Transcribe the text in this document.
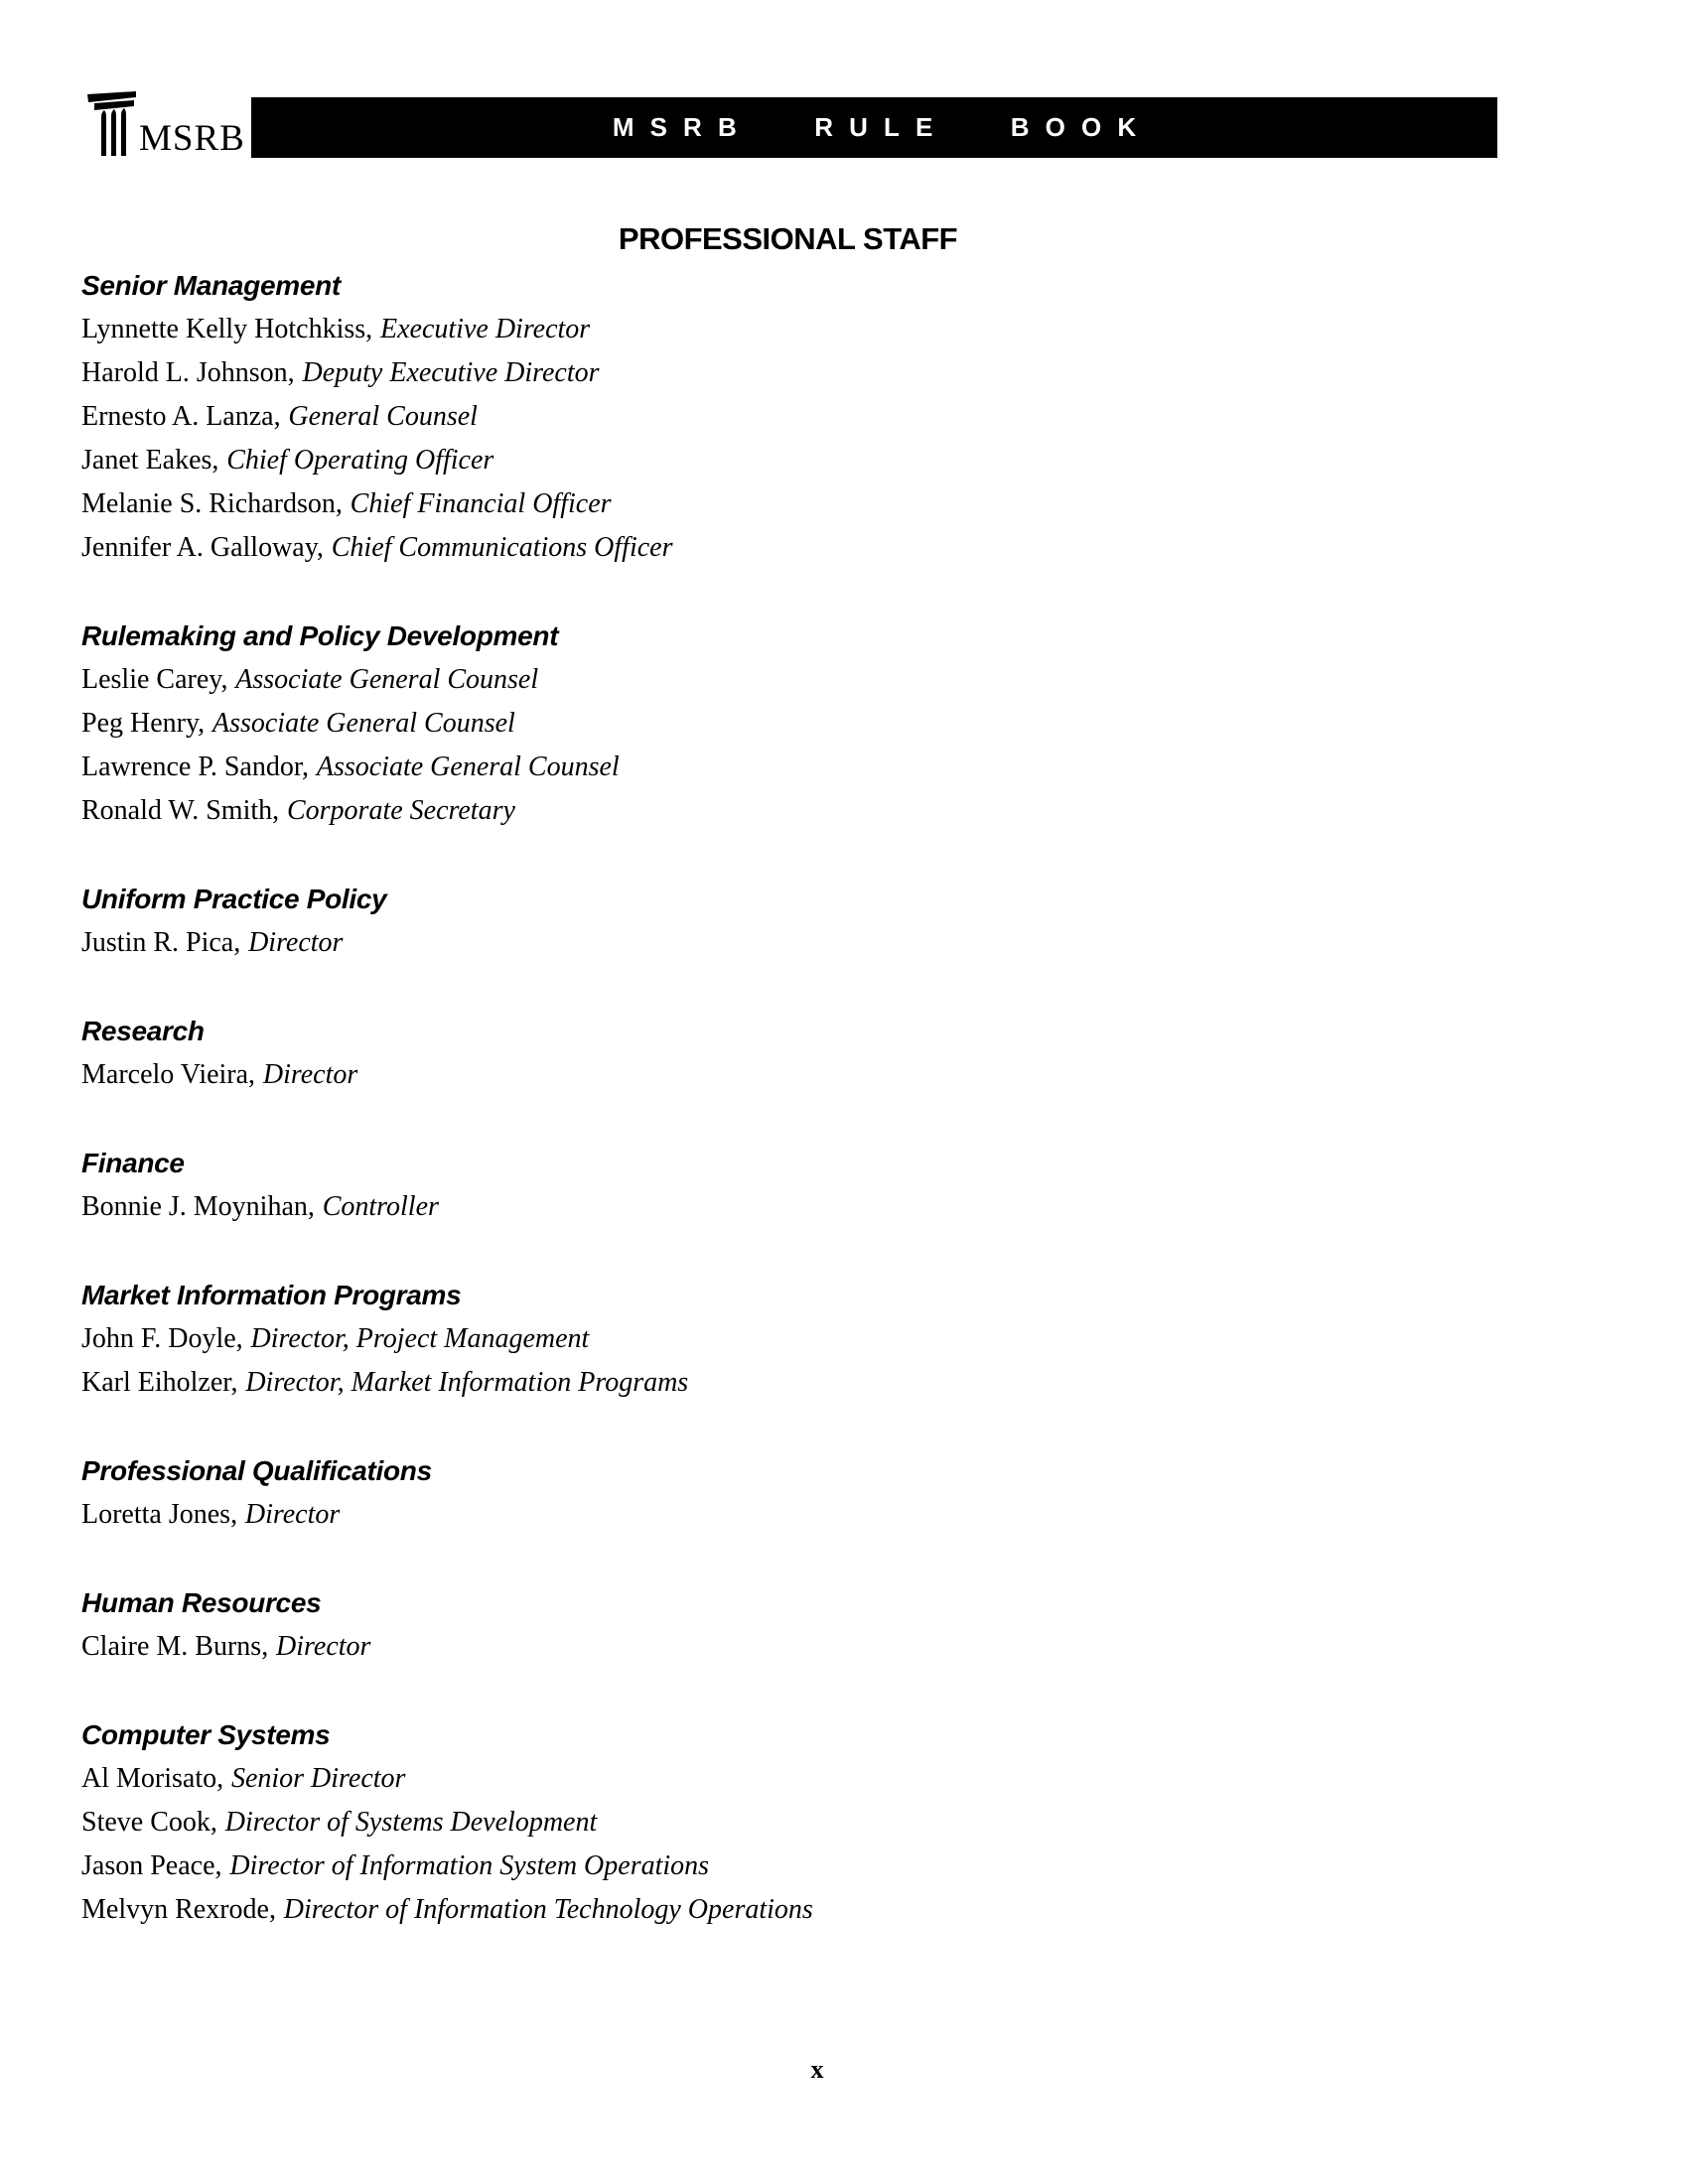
MSRB	MSRB RULE BOOK
PROFESSIONAL STAFF
Senior Management

Lynnette Kelly Hotchkiss, Executive Director

Harold L. Johnson, Deputy Executive Director

Ernesto A. Lanza, General Counsel

Janet Eakes, Chief Operating Officer

Melanie S. Richardson, Chief Financial Officer

Jennifer A. Galloway, Chief Communications Officer

Rulemaking and Policy Development

Leslie Carey, Associate General Counsel

Peg Henry, Associate General Counsel

Lawrence P. Sandor, Associate General Counsel

Ronald W. Smith, Corporate Secretary

Uniform Practice Policy

Justin R. Pica, Director

Research

Marcelo Vieira, Director

Finance

Bonnie J. Moynihan, Controller

Market Information Programs

John F. Doyle, Director, Project Management

Karl Eiholzer, Director, Market Information Programs

Professional Qualifications

Loretta Jones, Director

Human Resources

Claire M. Burns, Director

Computer Systems

Al Morisato, Senior Director

Steve Cook, Director of Systems Development

Jason Peace, Director of Information System Operations

Melvyn Rexrode, Director of Information Technology Operations

x
